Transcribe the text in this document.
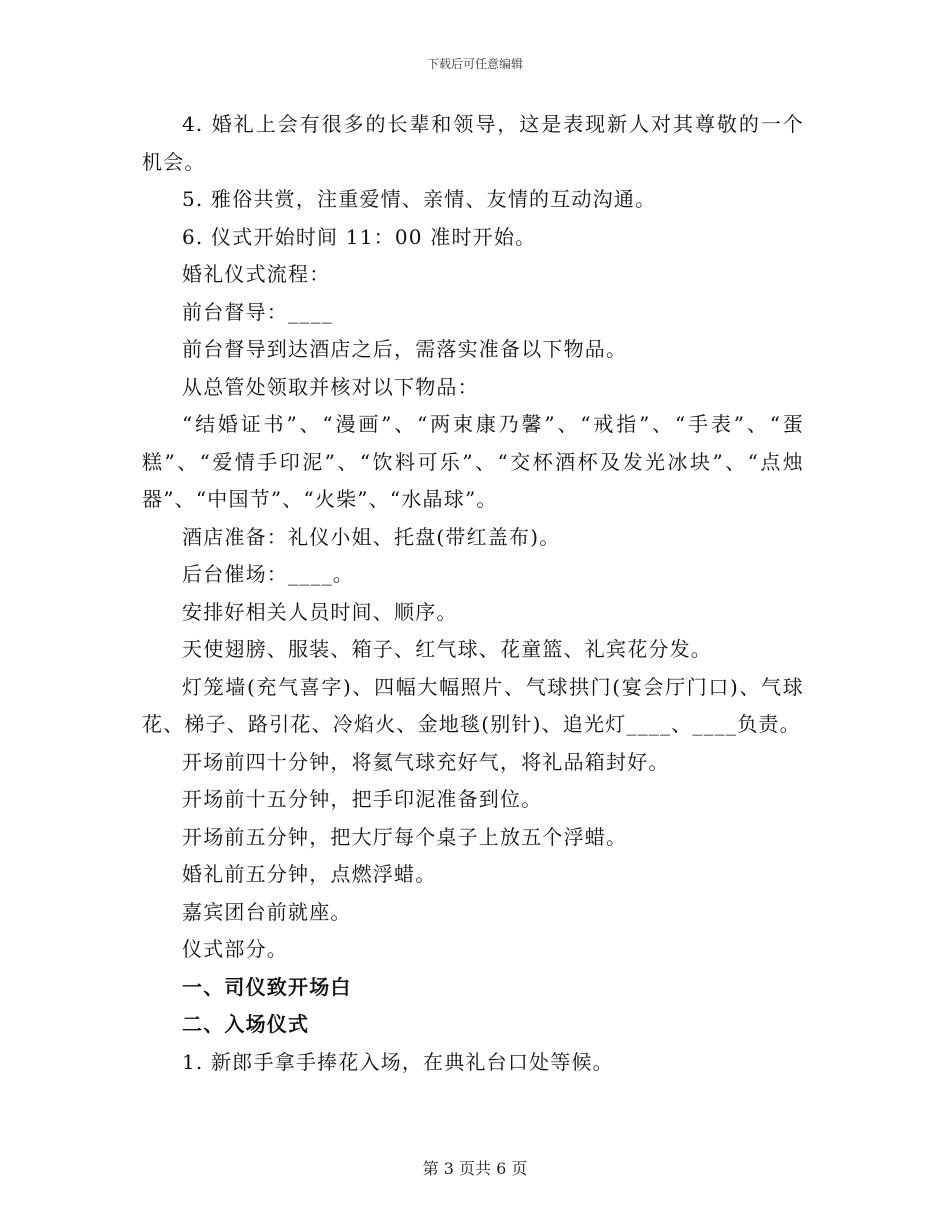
下载后可任意编辑

4. 婚礼上会有很多的长辈和领导，这是表现新人对其尊敬的一个机会。

5. 雅俗共赏，注重爱情、亲情、友情的互动沟通。

6. 仪式开始时间 11：00 准时开始。

婚礼仪式流程：

前台督导：____

前台督导到达酒店之后，需落实准备以下物品。

从总管处领取并核对以下物品：

“结婚证书”、“漫画”、“两束康乃馨”、“戒指”、“手表”、“蛋糕”、“爱情手印泥”、“饮料可乐”、“交杯酒杯及发光冰块”、“点烛器”、“中国节”、“火柴”、“水晶球”。

酒店准备：礼仪小姐、托盘(带红盖布)。

后台催场：____。

安排好相关人员时间、顺序。

天使翅膀、服装、箱子、红气球、花童篮、礼宾花分发。

灯笼墙(充气喜字)、四幅大幅照片、气球拱门(宴会厅门口)、气球花、梯子、路引花、冷焰火、金地毯(别针)、追光灯____、____负责。

开场前四十分钟，将氦气球充好气，将礼品箱封好。

开场前十五分钟，把手印泥准备到位。

开场前五分钟，把大厅每个桌子上放五个浮蜡。

婚礼前五分钟，点燃浮蜡。

嘉宾团台前就座。

仪式部分。

一、司仪致开场白

二、入场仪式

1. 新郎手拿手捧花入场，在典礼台口处等候。

第 3 页共 6 页
